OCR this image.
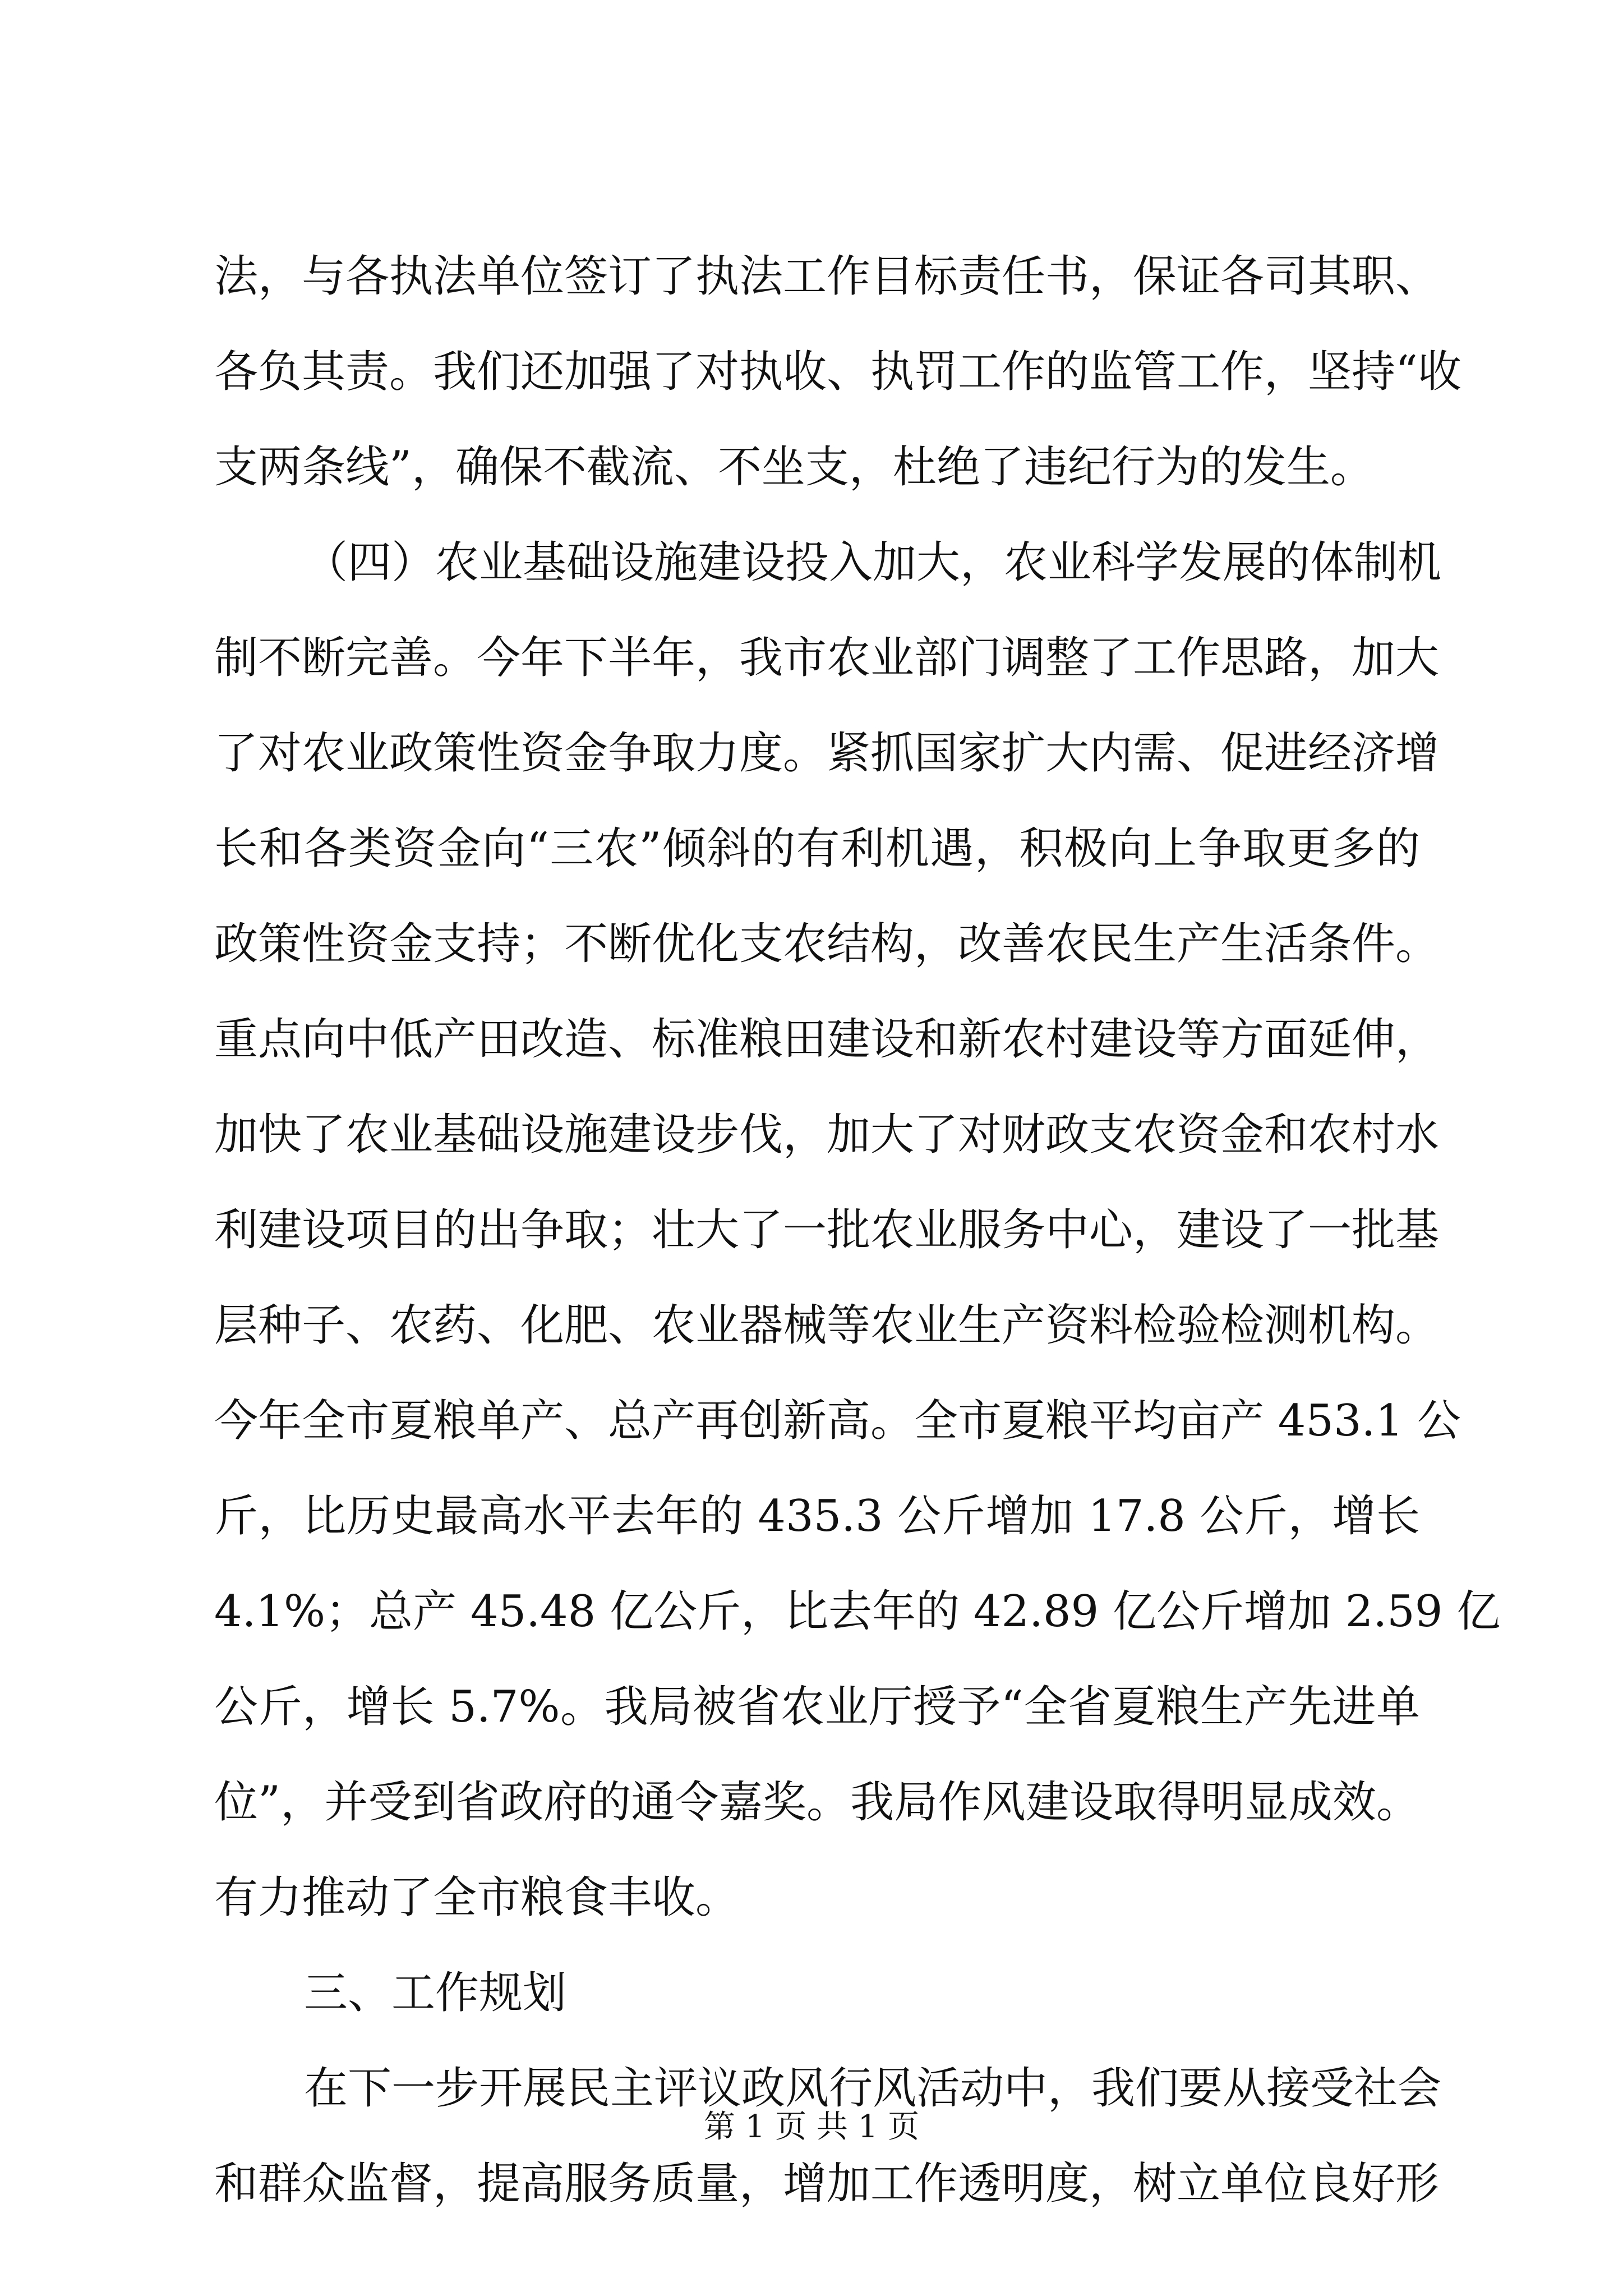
法，与各执法单位签订了执法工作目标责任书，保证各司其职、
各负其责。我们还加强了对执收、执罚工作的监管工作，坚持“收
支两条线”，确保不截流、不坐支，杜绝了违纪行为的发生。
（四）农业基础设施建设投入加大，农业科学发展的体制机
制不断完善。今年下半年，我市农业部门调整了工作思路，加大
了对农业政策性资金争取力度。紧抓国家扩大内需、促进经济增
长和各类资金向“三农”倾斜的有利机遇，积极向上争取更多的
政策性资金支持；不断优化支农结构，改善农民生产生活条件。
重点向中低产田改造、标准粮田建设和新农村建设等方面延伸，
加快了农业基础设施建设步伐，加大了对财政支农资金和农村水
利建设项目的出争取；壮大了一批农业服务中心，建设了一批基
层种子、农药、化肥、农业器械等农业生产资料检验检测机构。
今年全市夏粮单产、总产再创新高。全市夏粮平均亩产 453.1 公
斤，比历史最高水平去年的 435.3 公斤增加 17.8 公斤，增长
4.1%；总产 45.48 亿公斤，比去年的 42.89 亿公斤增加 2.59 亿
公斤，增长 5.7%。我局被省农业厅授予“全省夏粮生产先进单
位”，并受到省政府的通令嘉奖。我局作风建设取得明显成效。
有力推动了全市粮食丰收。
三、工作规划
在下一步开展民主评议政风行风活动中，我们要从接受社会
和群众监督，提高服务质量，增加工作透明度，树立单位良好形
第 1 页 共 1 页
